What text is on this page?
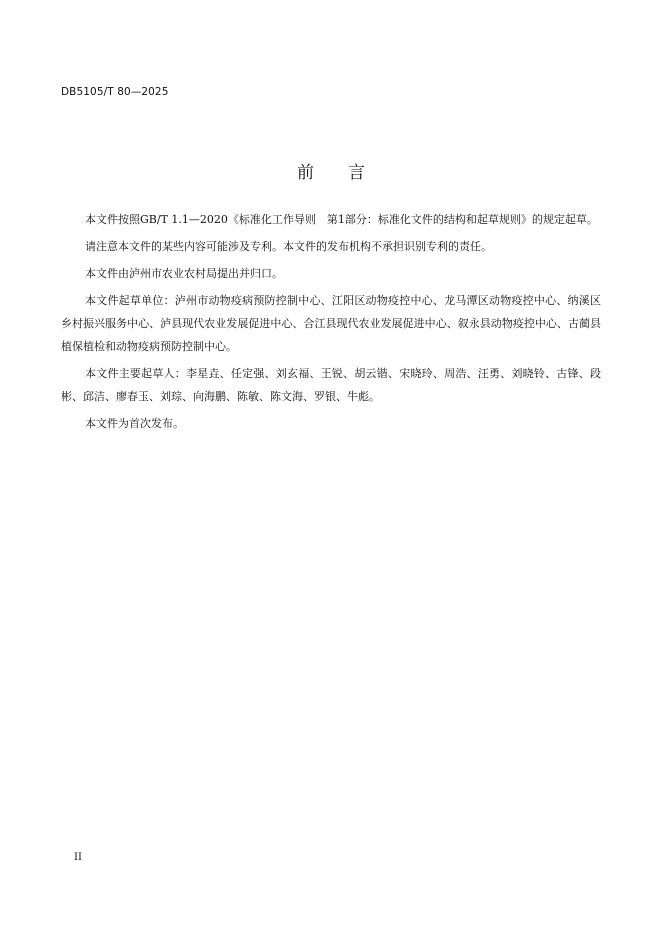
DB5105/T 80—2025
前 言

本文件按照GB/T 1.1—2020《标准化工作导则　第1部分：标准化文件的结构和起草规则》的规定起草。

请注意本文件的某些内容可能涉及专利。本文件的发布机构不承担识别专利的责任。

本文件由泸州市农业农村局提出并归口。

本文件起草单位：泸州市动物疫病预防控制中心、江阳区动物疫控中心、龙马潭区动物疫控中心、纳溪区乡村振兴服务中心、泸县现代农业发展促进中心、合江县现代农业发展促进中心、叙永县动物疫控中心、古蔺县植保植检和动物疫病预防控制中心。

本文件主要起草人：李星垚、任定强、刘玄福、王锐、胡云锴、宋晓玲、周浩、汪勇、刘晓铃、古锋、段彬、邱洁、廖春玉、刘琮、向海鹏、陈敏、陈文海、罗银、牛彪。

本文件为首次发布。

II
